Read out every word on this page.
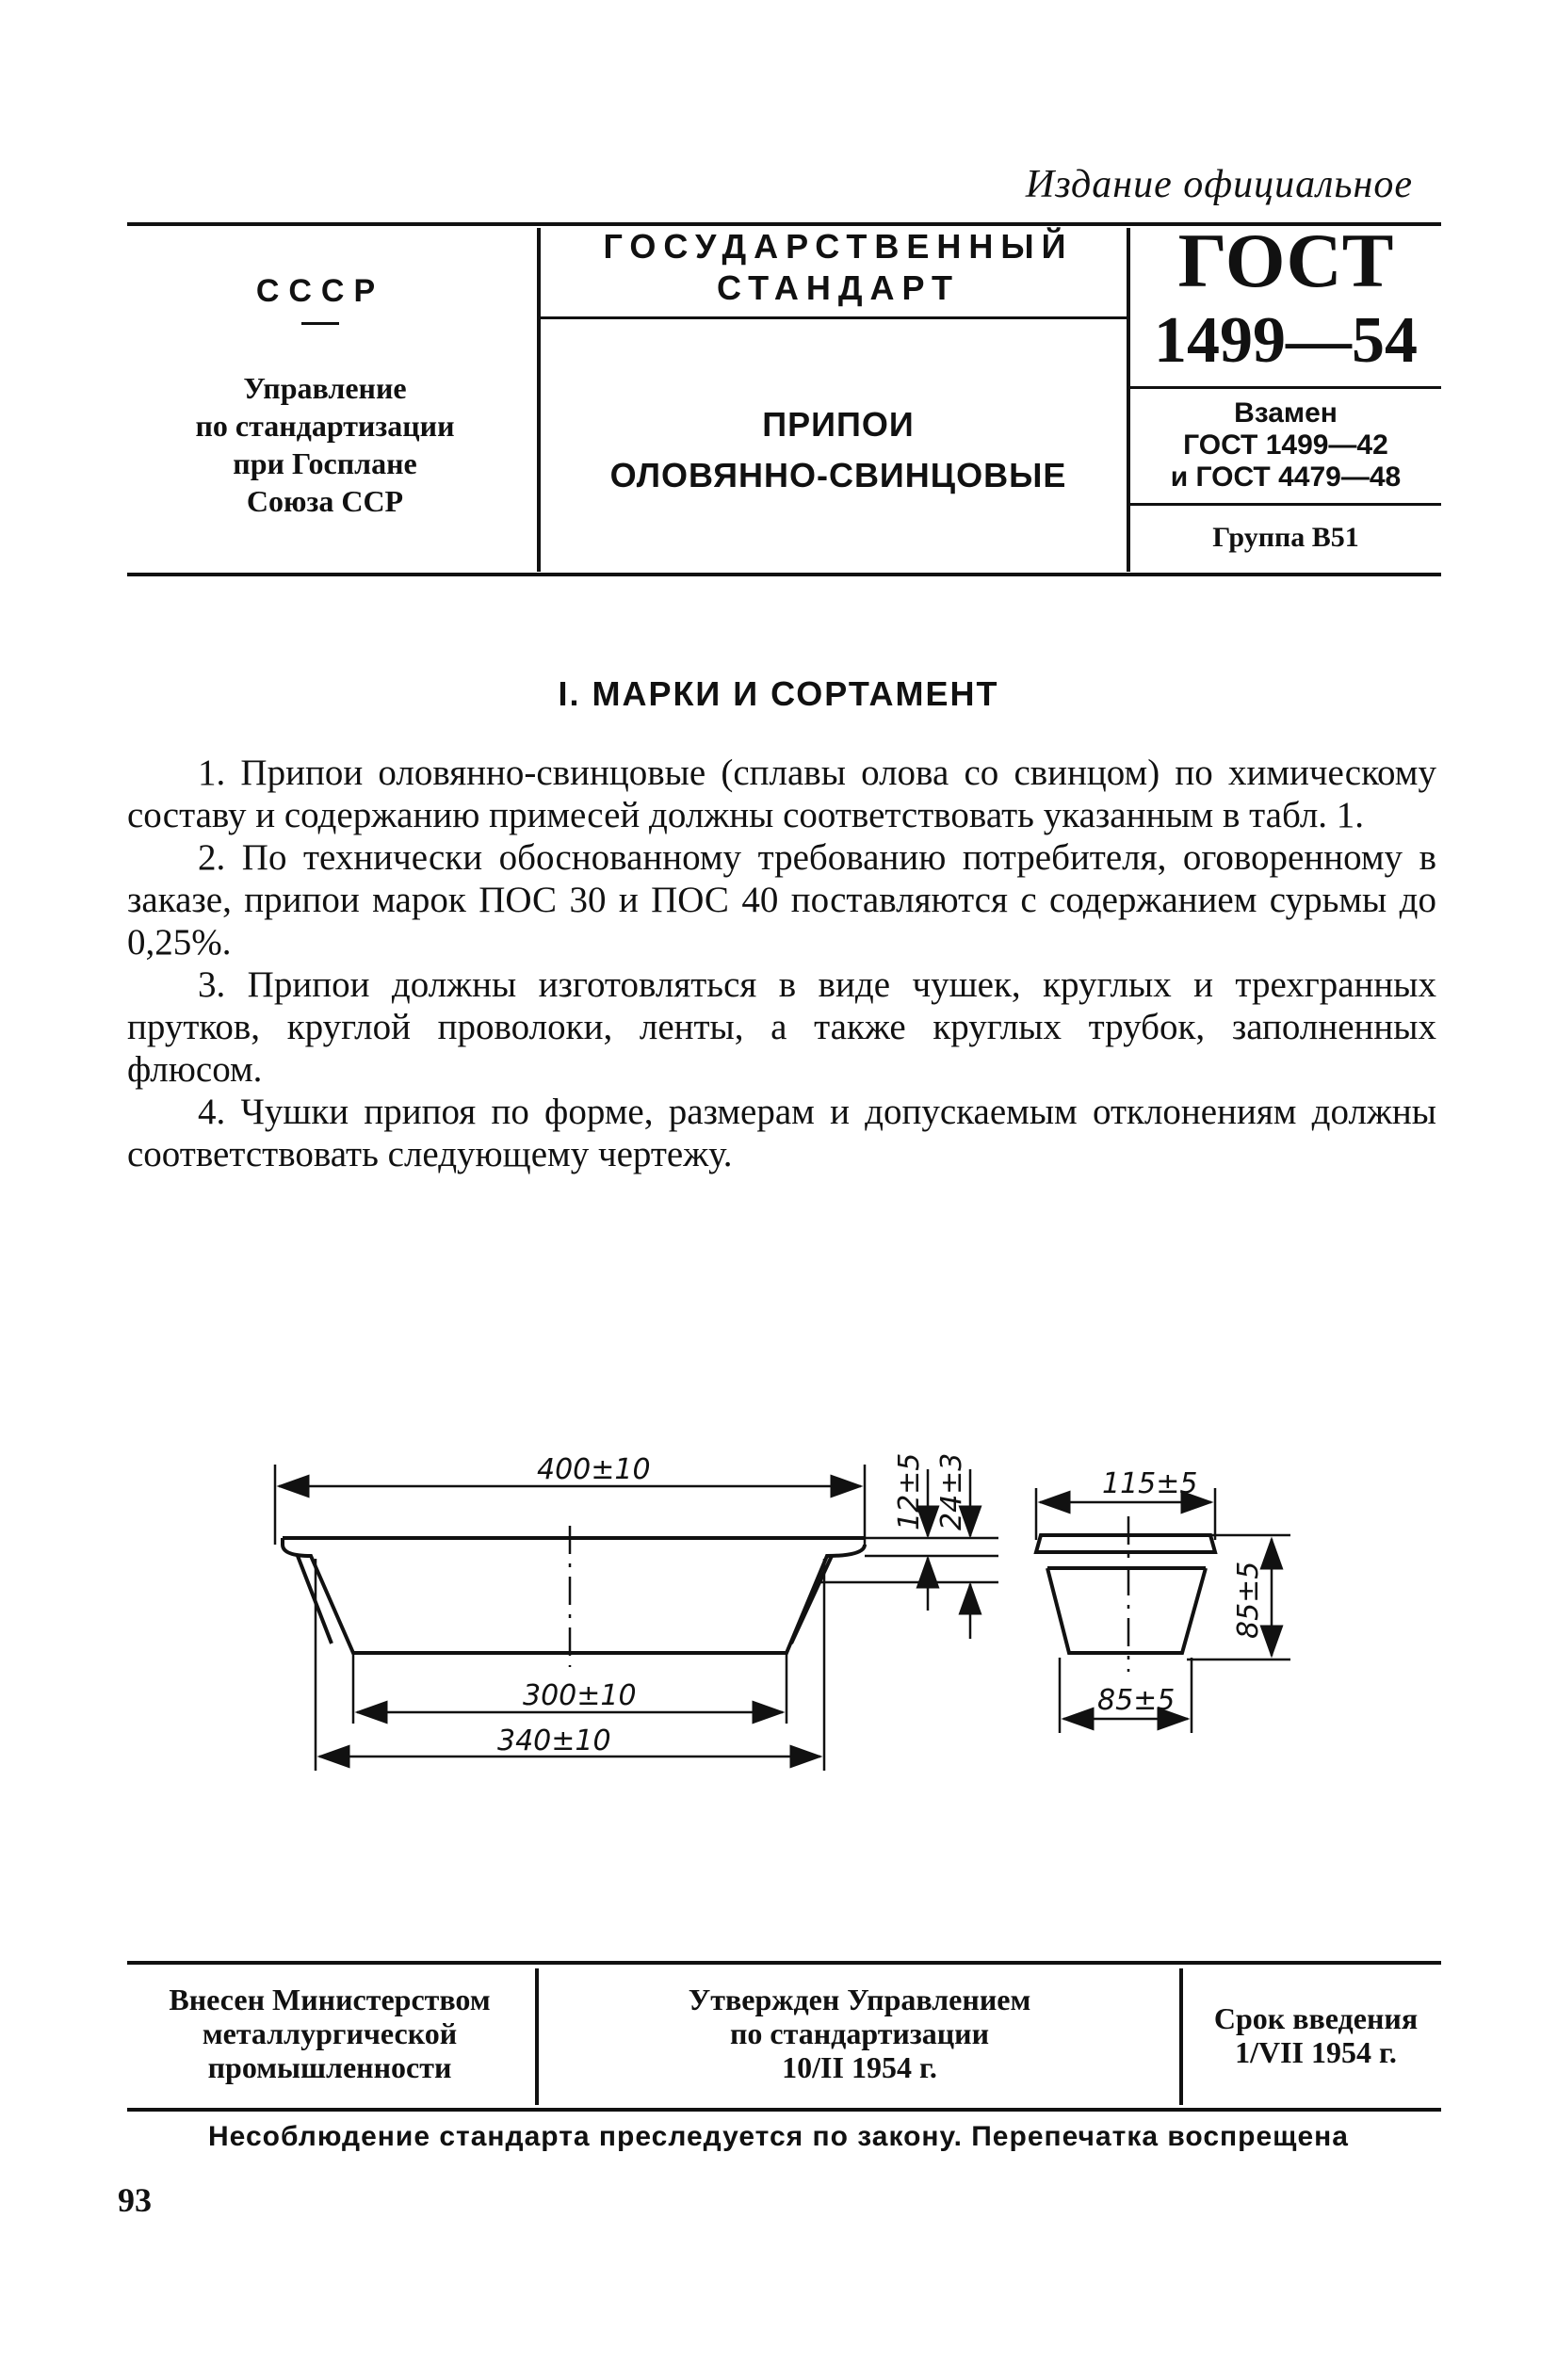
Издание официальное
СССР
Управление
по стандартизации
при Госплане
Союза ССР
ГОСУДАРСТВЕННЫЙ
СТАНДАРТ
ПРИПОИ
ОЛОВЯННО-СВИНЦОВЫЕ
ГОСТ
1499—54
Взамен
ГОСТ 1499—42
и ГОСТ 4479—48
Группа В51
I. МАРКИ И СОРТАМЕНТ

1. Припои оловянно-свинцовые (сплавы олова со свинцом) по химическому составу и содержанию примесей должны соответствовать указанным в табл. 1.

2. По технически обоснованному требованию потребителя, оговоренному в заказе, припои марок ПОС 30 и ПОС 40 поставляются с содержанием сурьмы до 0,25%.

3. Припои должны изготовляться в виде чушек, круглых и трехгранных прутков, круглой проволоки, ленты, а также круглых трубок, заполненных флюсом.

4. Чушки припоя по форме, размерам и допускаемым отклонениям должны соответствовать следующему чертежу.

400±10
300±10
340±10
12±5 24±3	115±5
85±5
85±5
Внесен Министерством
металлургической
промышленности
Утвержден Управлением
по стандартизации
10/II 1954 г.
Срок введения
1/VII 1954 г.
Несоблюдение стандарта преследуется по закону. Перепечатка воспрещена
93
